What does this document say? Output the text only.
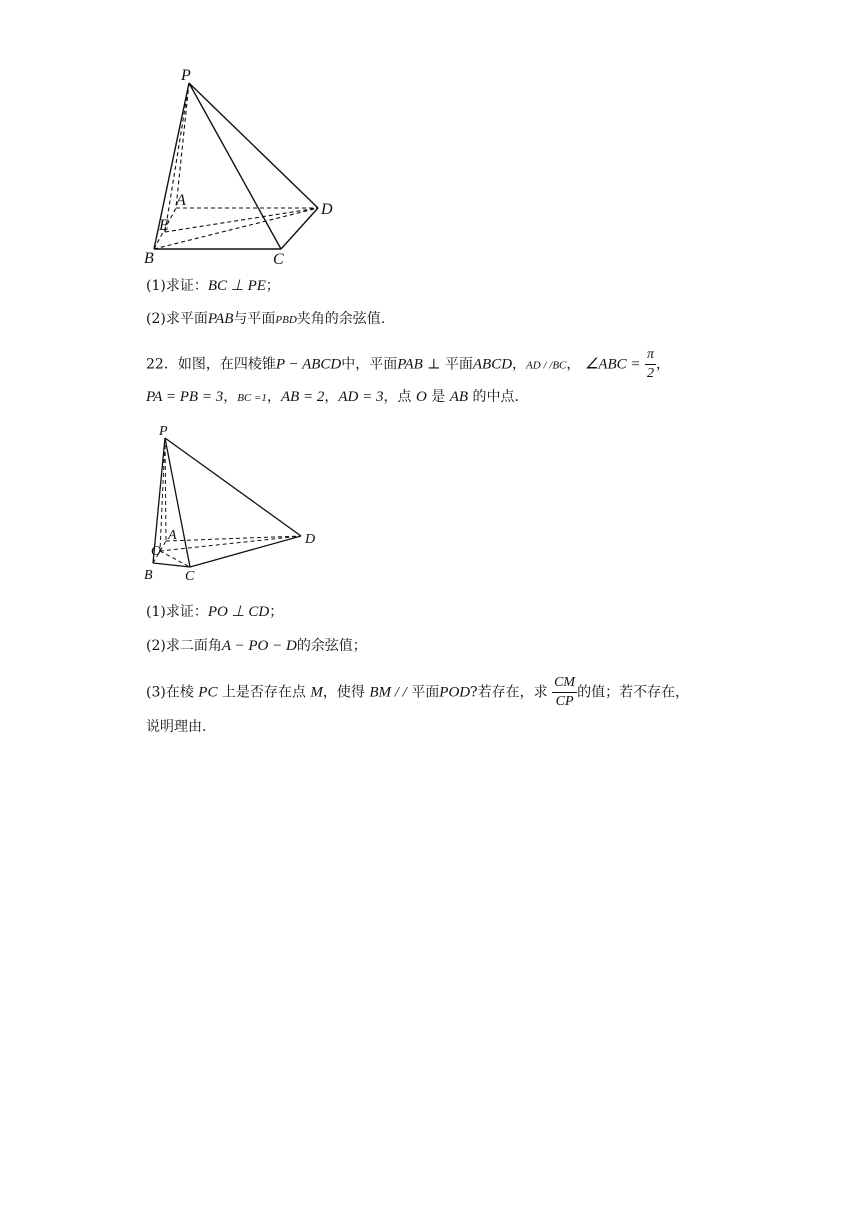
P
A
D
E
B	C
(1)求证：BC ⊥ PE；
(2)求平面PAB与平面PBD夹角的余弦值.
22．如图，在四棱锥P − ABCD中，平面PAB ⊥ 平面ABCD，AD / /BC， ∠ABC = $\frac{\pi}{2}$ ，
PA = PB = 3，BC =1，AB = 2，AD = 3，点 O 是 AB 的中点.
P
A
O
D
B C
(1)求证：PO ⊥ CD；
(2)求二面角A − PO − D的余弦值；
(3)在棱 PC 上是否存在点 M，使得 BM / / 平面POD?若存在，求 $\frac{CM}{CP}$ 的值；若不存在，
说明理由.
